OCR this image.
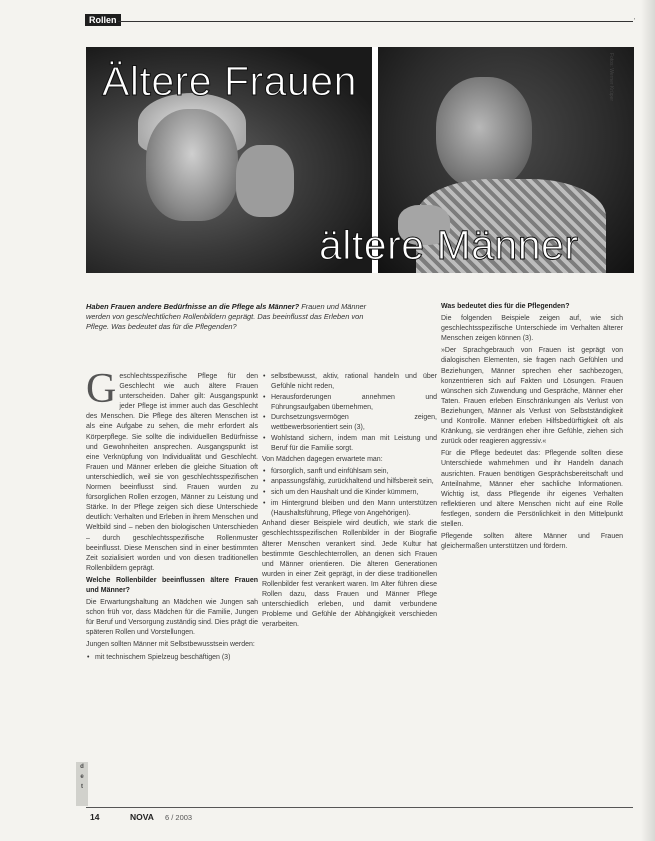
Rollen	'
Fotos: Werner Krüper
Ältere Frauen
ältere Männer
Haben Frauen andere Bedürfnisse an die Pflege als Männer? Frauen und Männer werden von geschlechtlichen Rollenbildern geprägt. Das beeinflusst das Erleben von Pflege. Was bedeutet das für die Pflegenden?

G eschlechtsspezifische Pflege für den Geschlecht wie auch ältere Frauen unterscheiden. Daher gilt: Ausgangspunkt jeder Pflege ist immer auch das Geschlecht des Menschen. Die Pflege des älteren Menschen ist als eine Aufgabe zu sehen, die mehr erfordert als Körperpflege. Sie sollte die individuellen Bedürfnisse und Gewohnheiten ansprechen. Ausgangspunkt ist eine Verknüpfung von Individualität und Geschlecht. Frauen und Männer erleben die gleiche Situation oft unterschiedlich, weil sie von geschlechtsspezifischen Normen beeinflusst sind. Frauen wurden zu fürsorglichen Rollen erzogen, Männer zu Leistung und Stärke. In der Pflege zeigen sich diese Unterschiede deutlich: Verhalten und Erleben in ihrem Menschen und Weltbild sind – neben den biologischen Unterschieden – durch geschlechtsspezifische Rollenmuster beeinflusst. Diese Menschen sind in einer bestimmten Zeit sozialisiert worden und von diesen traditionellen Rollenbildern geprägt.

Welche Rollenbilder beeinflussen ältere Frauen und Männer?

Die Erwartungshaltung an Mädchen wie Jungen sah schon früh vor, dass Mädchen für die Familie, Jungen für Beruf und Versorgung zuständig sind. Dies prägt die späteren Rollen und Vorstellungen.

Jungen sollten Männer mit Selbstbewusstsein werden:

• mit technischem Spielzeug beschäftigen (3)
• selbstbewusst, aktiv, rational handeln und über Gefühle nicht reden,
• Herausforderungen annehmen und Führungsaufgaben übernehmen,
• Durchsetzungsvermögen zeigen, wettbewerbsorientiert sein (3),
• Wohlstand sichern, indem man mit Leistung und Beruf für die Familie sorgt.

Von Mädchen dagegen erwartete man:

• fürsorglich, sanft und einfühlsam sein,
• anpassungsfähig, zurückhaltend und hilfsbereit sein,
• sich um den Haushalt und die Kinder kümmern,
• im Hintergrund bleiben und den Mann unterstützen (Haushaltsführung, Pflege von Angehörigen).

Anhand dieser Beispiele wird deutlich, wie stark die geschlechtsspezifischen Rollenbilder in der Biografie älterer Menschen verankert sind. Jede Kultur hat bestimmte Geschlechterrollen, an denen sich Frauen und Männer orientieren. Die älteren Generationen wurden in einer Zeit geprägt, in der diese traditionellen Rollenbilder fest verankert waren. Im Alter führen diese Rollen dazu, dass Frauen und Männer Pflege unterschiedlich erleben, und damit verbundene Probleme und Gefühle der Abhängigkeit verschieden verarbeiten.

Was bedeutet dies für die Pflegenden?

Die folgenden Beispiele zeigen auf, wie sich geschlechtsspezifische Unterschiede im Verhalten älterer Menschen zeigen können (3).

»Der Sprachgebrauch von Frauen ist geprägt von dialogischen Elementen, sie fragen nach Gefühlen und Beziehungen, Männer sprechen eher sachbezogen, konzentrieren sich auf Fakten und Lösungen. Frauen wünschen sich Zuwendung und Gespräche, Männer eher Taten. Frauen erleben Einschränkungen als Verlust von Beziehungen, Männer als Verlust von Selbstständigkeit und Kontrolle. Männer erleben Hilfsbedürftigkeit oft als Kränkung, sie verdrängen eher ihre Gefühle, ziehen sich zurück oder reagieren aggressiv.«

Für die Pflege bedeutet das: Pflegende sollten diese Unterschiede wahrnehmen und ihr Handeln danach ausrichten. Frauen benötigen Gesprächsbereitschaft und Anteilnahme, Männer eher sachliche Informationen. Wichtig ist, dass Pflegende ihr eigenes Verhalten reflektieren und ältere Menschen nicht auf eine Rolle festlegen, sondern die Persönlichkeit in den Mittelpunkt stellen.

Pflegende sollten ältere Männer und Frauen gleichermaßen unterstützen und fördern.

d
e
t
14	NOVA 6 / 2003
